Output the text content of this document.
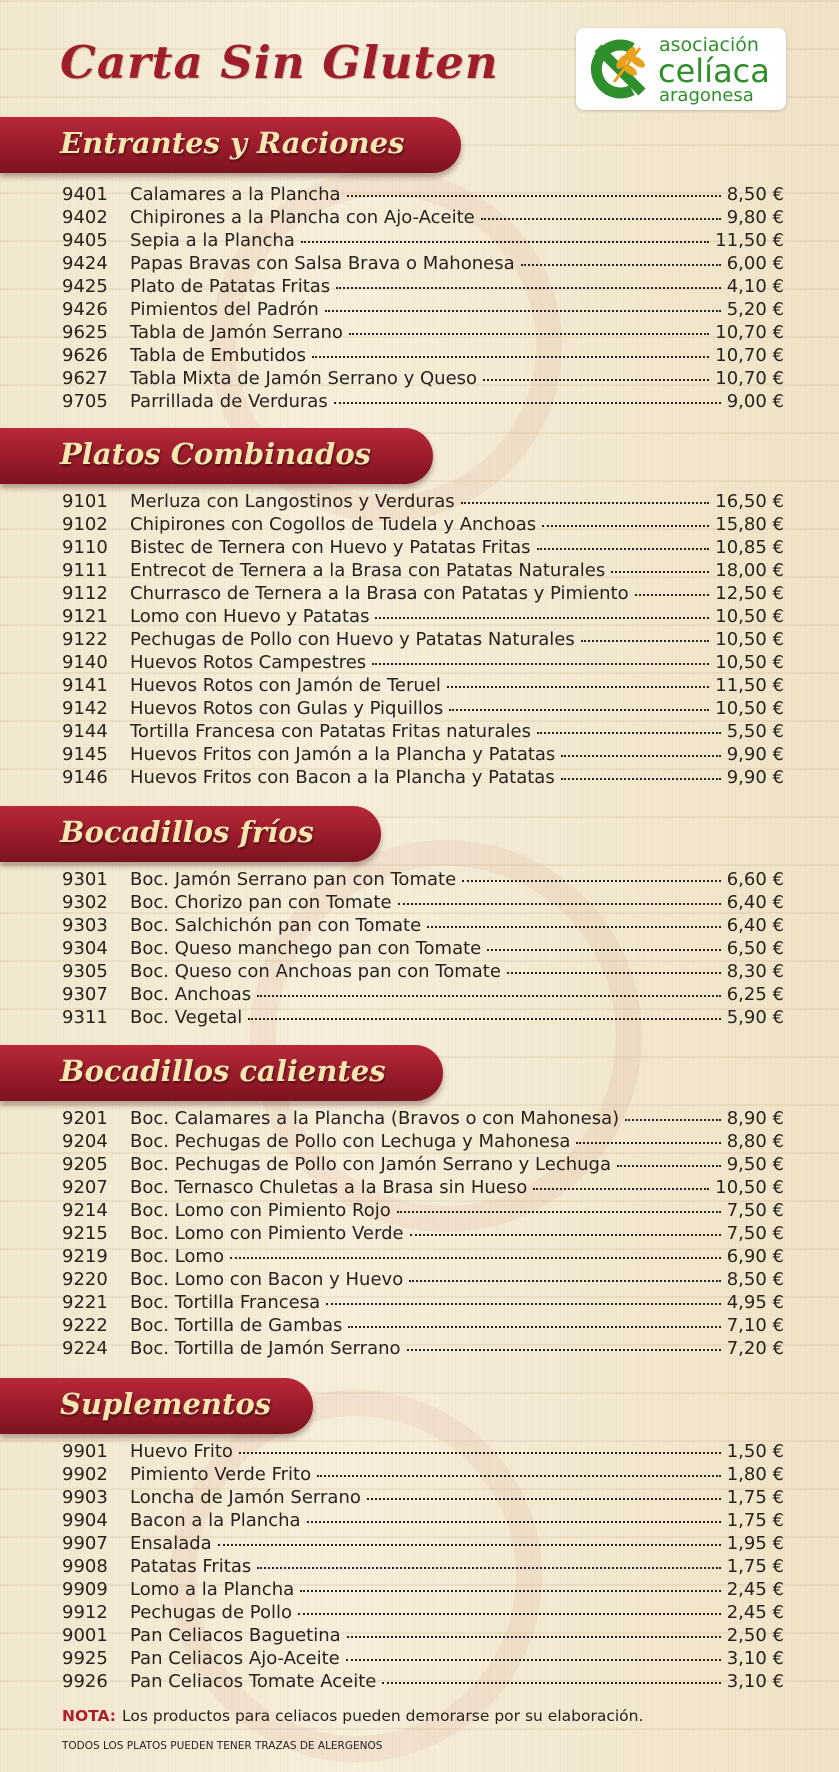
Carta Sin Gluten	asociación
celíaca
aragonesa
Entrantes y Raciones
9401	Calamares a la Plancha	8,50 €
9402	Chipirones a la Plancha con Ajo-Aceite	9,80 €
9405	Sepia a la Plancha	11,50 €
9424	Papas Bravas con Salsa Brava o Mahonesa	6,00 €
9425	Plato de Patatas Fritas	4,10 €
9426	Pimientos del Padrón	5,20 €
9625	Tabla de Jamón Serrano	10,70 €
9626	Tabla de Embutidos	10,70 €
9627	Tabla Mixta de Jamón Serrano y Queso	10,70 €
9705	Parrillada de Verduras	9,00 €
Platos Combinados
9101	Merluza con Langostinos y Verduras	16,50 €
9102	Chipirones con Cogollos de Tudela y Anchoas	15,80 €
9110	Bistec de Ternera con Huevo y Patatas Fritas	10,85 €
9111	Entrecot de Ternera a la Brasa con Patatas Naturales	18,00 €
9112	Churrasco de Ternera a la Brasa con Patatas y Pimiento	12,50 €
9121	Lomo con Huevo y Patatas	10,50 €
9122	Pechugas de Pollo con Huevo y Patatas Naturales	10,50 €
9140	Huevos Rotos Campestres	10,50 €
9141	Huevos Rotos con Jamón de Teruel	11,50 €
9142	Huevos Rotos con Gulas y Piquillos	10,50 €
9144	Tortilla Francesa con Patatas Fritas naturales	5,50 €
9145	Huevos Fritos con Jamón a la Plancha y Patatas	9,90 €
9146	Huevos Fritos con Bacon a la Plancha y Patatas	9,90 €
Bocadillos fríos
9301	Boc. Jamón Serrano pan con Tomate	6,60 €
9302	Boc. Chorizo pan con Tomate	6,40 €
9303	Boc. Salchichón pan con Tomate	6,40 €
9304	Boc. Queso manchego pan con Tomate	6,50 €
9305	Boc. Queso con Anchoas pan con Tomate	8,30 €
9307	Boc. Anchoas	6,25 €
9311	Boc. Vegetal	5,90 €
Bocadillos calientes
9201	Boc. Calamares a la Plancha (Bravos o con Mahonesa)	8,90 €
9204	Boc. Pechugas de Pollo con Lechuga y Mahonesa	8,80 €
9205	Boc. Pechugas de Pollo con Jamón Serrano y Lechuga	9,50 €
9207	Boc. Ternasco Chuletas a la Brasa sin Hueso	10,50 €
9214	Boc. Lomo con Pimiento Rojo	7,50 €
9215	Boc. Lomo con Pimiento Verde	7,50 €
9219	Boc. Lomo	6,90 €
9220	Boc. Lomo con Bacon y Huevo	8,50 €
9221	Boc. Tortilla Francesa	4,95 €
9222	Boc. Tortilla de Gambas	7,10 €
9224	Boc. Tortilla de Jamón Serrano	7,20 €
Suplementos
9901	Huevo Frito	1,50 €
9902	Pimiento Verde Frito	1,80 €
9903	Loncha de Jamón Serrano	1,75 €
9904	Bacon a la Plancha	1,75 €
9907	Ensalada	1,95 €
9908	Patatas Fritas	1,75 €
9909	Lomo a la Plancha	2,45 €
9912	Pechugas de Pollo	2,45 €
9001	Pan Celiacos Baguetina	2,50 €
9925	Pan Celiacos Ajo-Aceite	3,10 €
9926	Pan Celiacos Tomate Aceite	3,10 €
NOTA: Los productos para celiacos pueden demorarse por su elaboración.
TODOS LOS PLATOS PUEDEN TENER TRAZAS DE ALERGENOS
